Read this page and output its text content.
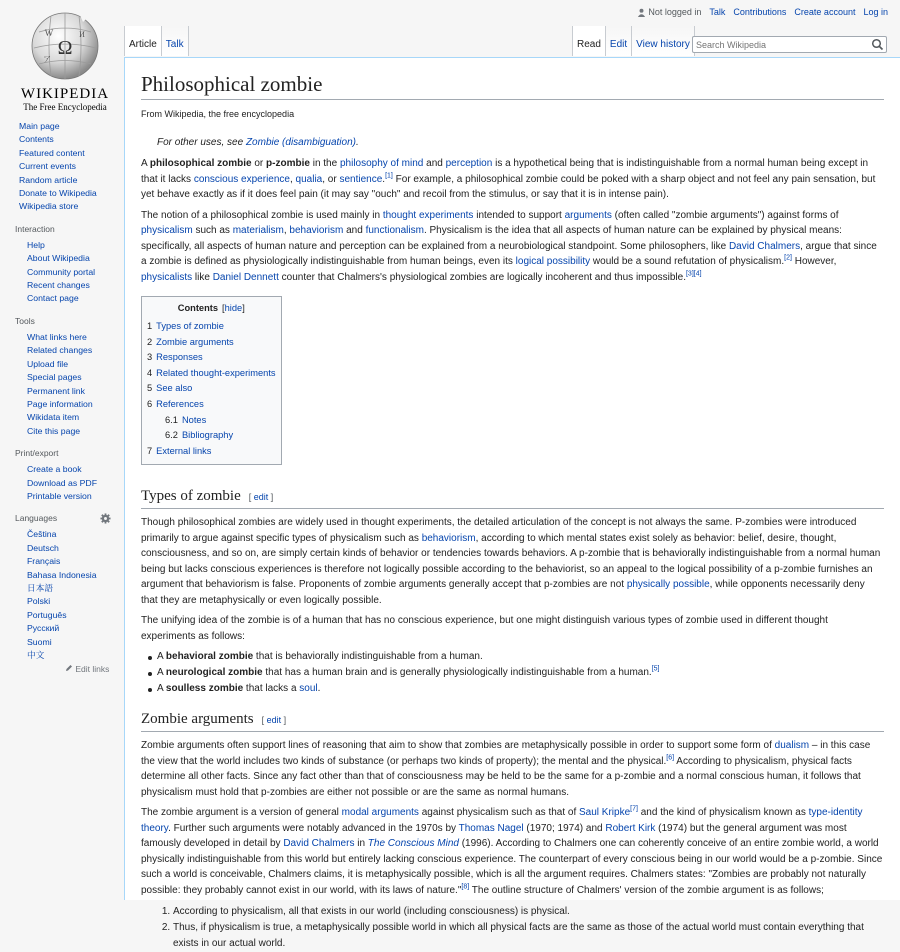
Ω
W	И
ア
WIKIPEDIA
The Free Encyclopedia
Not logged in Talk Contributions Create account Log in
Article Talk	Read Edit View history
Search Wikipedia
Main page
Contents
Featured content
Current events
Random article
Donate to Wikipedia
Wikipedia store
Interaction
Help
About Wikipedia
Community portal
Recent changes
Contact page
Tools
What links here
Related changes
Upload file
Special pages
Permanent link
Page information
Wikidata item
Cite this page
Print/export
Create a book
Download as PDF
Printable version
Languages
Čeština
Deutsch
Français
Bahasa Indonesia
日本語
Polski
Português
Русский
Suomi
中文
Edit links
Philosophical zombie
From Wikipedia, the free encyclopedia
For other uses, see Zombie (disambiguation).

A philosophical zombie or p-zombie in the philosophy of mind and perception is a hypothetical being that is indistinguishable from a normal human being except in that it lacks conscious experience, qualia, or sentience.[1] For example, a philosophical zombie could be poked with a sharp object and not feel any pain sensation, but yet behave exactly as if it does feel pain (it may say "ouch" and recoil from the stimulus, or say that it is in intense pain).

The notion of a philosophical zombie is used mainly in thought experiments intended to support arguments (often called "zombie arguments") against forms of physicalism such as materialism, behaviorism and functionalism. Physicalism is the idea that all aspects of human nature can be explained by physical means: specifically, all aspects of human nature and perception can be explained from a neurobiological standpoint. Some philosophers, like David Chalmers, argue that since a zombie is defined as physiologically indistinguishable from human beings, even its logical possibility would be a sound refutation of physicalism.[2] However, physicalists like Daniel Dennett counter that Chalmers's physiological zombies are logically incoherent and thus impossible.[3][4]

Contents [hide]
1 Types of zombie
2 Zombie arguments
3 Responses
4 Related thought-experiments
5 See also
6 References
6.1 Notes
6.2 Bibliography
7 External links
Types of zombie [ edit ]

Though philosophical zombies are widely used in thought experiments, the detailed articulation of the concept is not always the same. P-zombies were introduced primarily to argue against specific types of physicalism such as behaviorism, according to which mental states exist solely as behavior: belief, desire, thought, consciousness, and so on, are simply certain kinds of behavior or tendencies towards behaviors. A p-zombie that is behaviorally indistinguishable from a normal human being but lacks conscious experiences is therefore not logically possible according to the behaviorist, so an appeal to the logical possibility of a p-zombie furnishes an argument that behaviorism is false. Proponents of zombie arguments generally accept that p-zombies are not physically possible, while opponents necessarily deny that they are metaphysically or even logically possible.

The unifying idea of the zombie is of a human that has no conscious experience, but one might distinguish various types of zombie used in different thought experiments as follows:

A behavioral zombie that is behaviorally indistinguishable from a human.
A neurological zombie that has a human brain and is generally physiologically indistinguishable from a human.[5]
A soulless zombie that lacks a soul.
Zombie arguments [ edit ]

Zombie arguments often support lines of reasoning that aim to show that zombies are metaphysically possible in order to support some form of dualism – in this case the view that the world includes two kinds of substance (or perhaps two kinds of property); the mental and the physical.[6] According to physicalism, physical facts determine all other facts. Since any fact other than that of consciousness may be held to be the same for a p-zombie and a normal conscious human, it follows that physicalism must hold that p-zombies are either not possible or are the same as normal humans.

The zombie argument is a version of general modal arguments against physicalism such as that of Saul Kripke[7] and the kind of physicalism known as type-identity theory. Further such arguments were notably advanced in the 1970s by Thomas Nagel (1970; 1974) and Robert Kirk (1974) but the general argument was most famously developed in detail by David Chalmers in The Conscious Mind (1996). According to Chalmers one can coherently conceive of an entire zombie world, a world physically indistinguishable from this world but entirely lacking conscious experience. The counterpart of every conscious being in our world would be a p-zombie. Since such a world is conceivable, Chalmers claims, it is metaphysically possible, which is all the argument requires. Chalmers states: "Zombies are probably not naturally possible: they probably cannot exist in our world, with its laws of nature."[8] The outline structure of Chalmers' version of the zombie argument is as follows;

1. According to physicalism, all that exists in our world (including consciousness) is physical.
2. Thus, if physicalism is true, a metaphysically possible world in which all physical facts are the same as those of the actual world must contain everything that exists in our actual world.
